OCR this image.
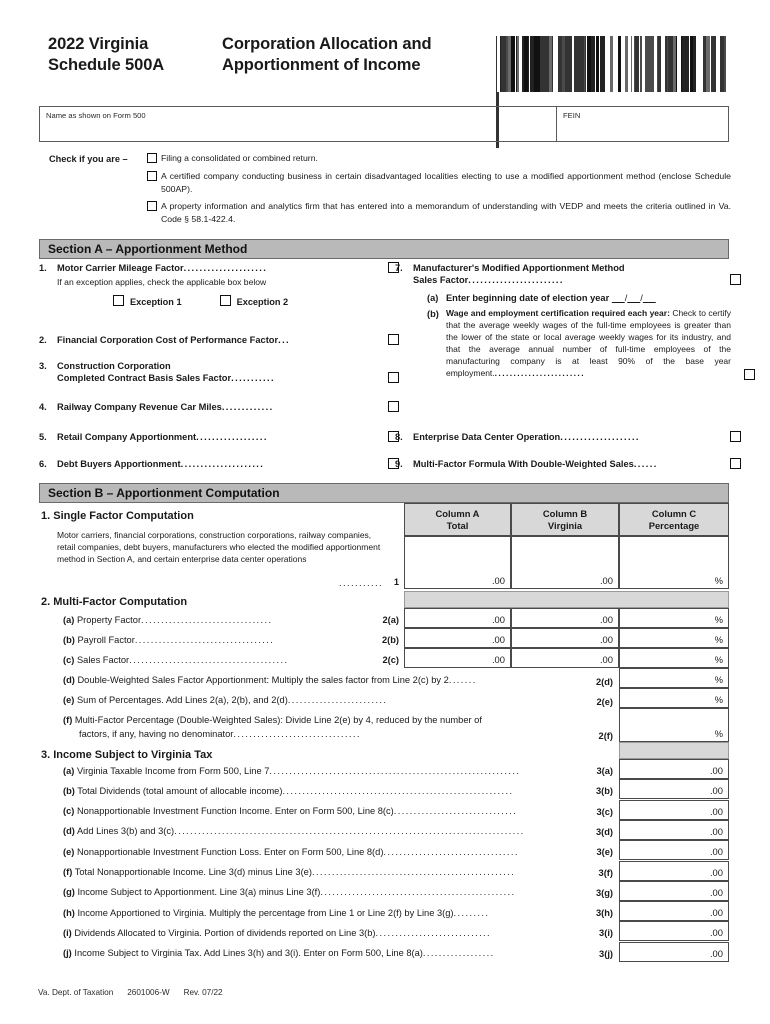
2022 Virginia
Schedule 500A
Corporation Allocation and
Apportionment of Income
Name as shown on Form 500	FEIN
Check if you are –	Filing a consolidated or combined return.
A certified company conducting business in certain disadvantaged localities electing to use a modified apportionment method (enclose Schedule 500AP).
A property information and analytics firm that has entered into a memorandum of understanding with VEDP and meets the criteria outlined in Va. Code § 58.1-422.4.
Section A – Apportionment Method
1.	Motor Carrier Mileage Factor.....................
If an exception applies, check the applicable box below
Exception 1	Exception 2
2.	Financial Corporation Cost of Performance Factor...
3.	Construction Corporation
Completed Contract Basis Sales Factor...........
4.	Railway Company Revenue Car Miles.............
5.	Retail Company Apportionment..................
6.	Debt Buyers Apportionment.....................
7.	Manufacturer's Modified Apportionment Method
Sales Factor........................
(a) Enter beginning date of election year / /
(b) Wage and employment certification required each year: Check to certify that the average weekly wages of the full-time employees is greater than the lower of the state or local average weekly wages for its industry, and that the average annual number of full-time employees of the manufacturing company is at least 90% of the base year employment.........................
8.	Enterprise Data Center Operation....................
9.	Multi-Factor Formula With Double-Weighted Sales......
Section B – Apportionment Computation
Column A
Total
Column B
Virginia
Column C
Percentage
1. Single Factor Computation
Motor carriers, financial corporations, construction corporations, railway companies, retail companies, debt buyers, manufacturers who elected the modified apportionment method in Section A, and certain enterprise data center operations
...........	1	.00	.00	%
2. Multi-Factor Computation
(a) Property Factor.................................	2(a)	.00	.00	%
(b) Payroll Factor...................................	2(b)	.00	.00	%
(c) Sales Factor........................................	2(c)	.00	.00	%
(d) Double-Weighted Sales Factor Apportionment: Multiply the sales factor from Line 2(c) by 2.......	2(d)	%
(e) Sum of Percentages. Add Lines 2(a), 2(b), and 2(d).........................	2(e)	%
(f) Multi-Factor Percentage (Double-Weighted Sales): Divide Line 2(e) by 4, reduced by the number of
factors, if any, having no denominator................................	2(f)	%
3. Income Subject to Virginia Tax
(a) Virginia Taxable Income from Form 500, Line 7...............................................................	3(a)	.00
(b) Total Dividends (total amount of allocable income)..........................................................	3(b)	.00
(c) Nonapportionable Investment Function Income. Enter on Form 500, Line 8(c)...............................	3(c)	.00
(d) Add Lines 3(b) and 3(c)........................................................................................	3(d)	.00
(e) Nonapportionable Investment Function Loss. Enter on Form 500, Line 8(d)..................................	3(e)	.00
(f) Total Nonapportionable Income. Line 3(d) minus Line 3(e)...................................................	3(f)	.00
(g) Income Subject to Apportionment. Line 3(a) minus Line 3(f).................................................	3(g)	.00
(h) Income Apportioned to Virginia. Multiply the percentage from Line 1 or Line 2(f) by Line 3(g).........	3(h)	.00
(i) Dividends Allocated to Virginia. Portion of dividends reported on Line 3(b).............................	3(i)	.00
(j) Income Subject to Virginia Tax. Add Lines 3(h) and 3(i). Enter on Form 500, Line 8(a)..................	3(j)	.00
Va. Dept. of Taxation 2601006-W Rev. 07/22
